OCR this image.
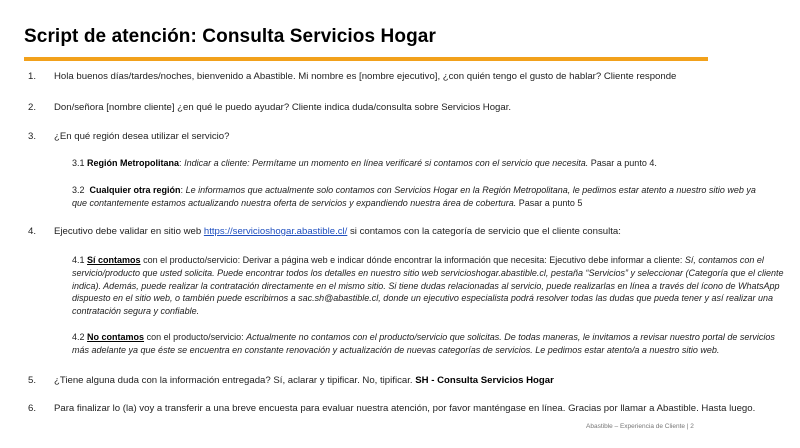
Script de atención: Consulta Servicios Hogar
1. Hola buenos días/tardes/noches, bienvenido a Abastible. Mi nombre es [nombre ejecutivo], ¿con quién tengo el gusto de hablar? Cliente responde
2. Don/señora [nombre cliente] ¿en qué le puedo ayudar? Cliente indica duda/consulta sobre Servicios Hogar.
3. ¿En qué región desea utilizar el servicio?
3.1 Región Metropolitana: Indicar a cliente: Permítame un momento en línea verificaré si contamos con el servicio que necesita. Pasar a punto 4.
3.2 Cualquier otra región: Le informamos que actualmente solo contamos con Servicios Hogar en la Región Metropolitana, le pedimos estar atento a nuestro sitio web ya que contantemente estamos actualizando nuestra oferta de servicios y expandiendo nuestra área de cobertura. Pasar a punto 5
4. Ejecutivo debe validar en sitio web https://servicioshogar.abastible.cl/ si contamos con la categoría de servicio que el cliente consulta:
4.1 Sí contamos con el producto/servicio: Derivar a página web e indicar dónde encontrar la información que necesita: Ejecutivo debe informar a cliente: Sí, contamos con el servicio/producto que usted solicita. Puede encontrar todos los detalles en nuestro sitio web servicioshogar.abastible.cl, pestaña “Servicios” y seleccionar (Categoría que el cliente indica). Además, puede realizar la contratación directamente en el mismo sitio. Si tiene dudas relacionadas al servicio, puede realizarlas en línea a través del ícono de WhatsApp dispuesto en el sitio web, o también puede escribirnos a sac.sh@abastible.cl, donde un ejecutivo especialista podrá resolver todas las dudas que pueda tener y así realizar una contratación segura y confiable.
4.2 No contamos con el producto/servicio: Actualmente no contamos con el producto/servicio que solicitas. De todas maneras, le invitamos a revisar nuestro portal de servicios más adelante ya que éste se encuentra en constante renovación y actualización de nuevas categorías de servicios. Le pedimos estar atento/a a nuestro sitio web.
5. ¿Tiene alguna duda con la información entregada? Sí, aclarar y tipificar. No, tipificar. SH - Consulta Servicios Hogar
6. Para finalizar lo (la) voy a transferir a una breve encuesta para evaluar nuestra atención, por favor manténgase en línea. Gracias por llamar a Abastible. Hasta luego.
Abastible – Experiencia de Cliente | 2
